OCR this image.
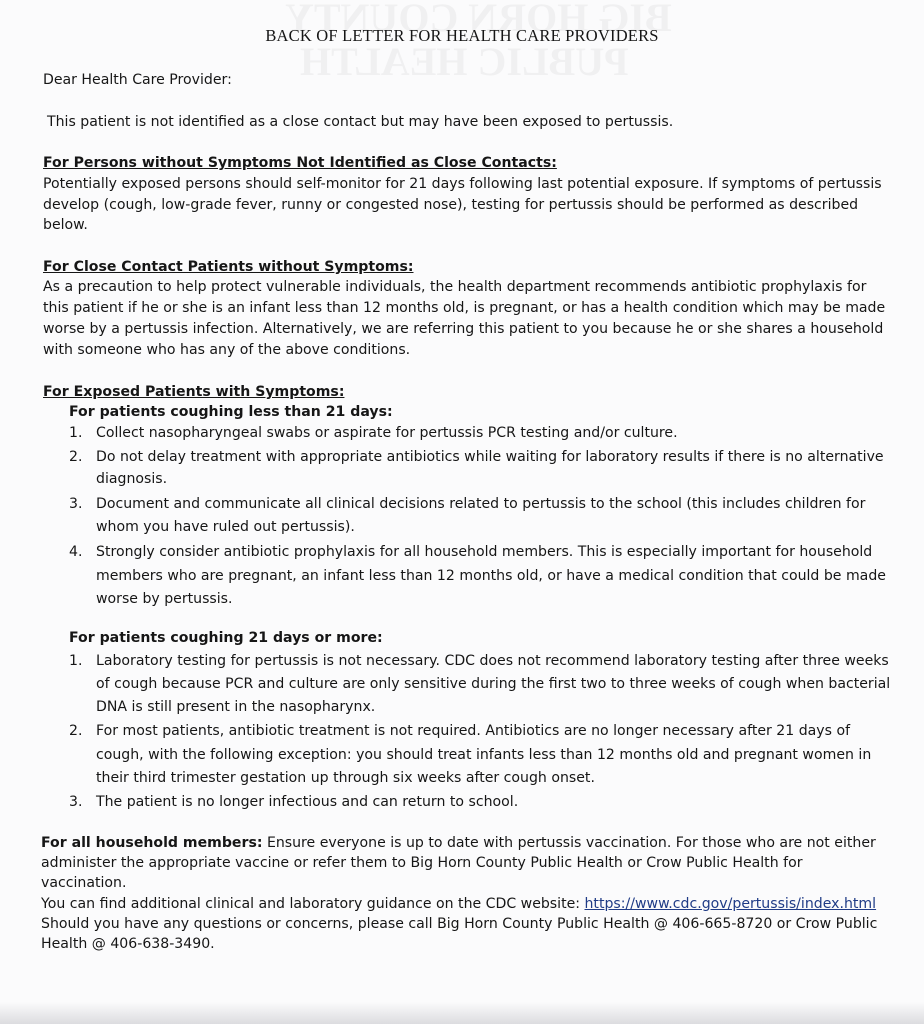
BACK OF LETTER FOR HEALTH CARE PROVIDERS
Dear Health Care Provider:
This patient is not identified as a close contact but may have been exposed to pertussis.
For Persons without Symptoms Not Identified as Close Contacts:
Potentially exposed persons should self-monitor for 21 days following last potential exposure. If symptoms of pertussis
develop (cough, low-grade fever, runny or congested nose), testing for pertussis should be performed as described
below.
For Close Contact Patients without Symptoms:
As a precaution to help protect vulnerable individuals, the health department recommends antibiotic prophylaxis for
this patient if he or she is an infant less than 12 months old, is pregnant, or has a health condition which may be made
worse by a pertussis infection. Alternatively, we are referring this patient to you because he or she shares a household
with someone who has any of the above conditions.
For Exposed Patients with Symptoms:
For patients coughing less than 21 days:
1. Collect nasopharyngeal swabs or aspirate for pertussis PCR testing and/or culture.
2. Do not delay treatment with appropriate antibiotics while waiting for laboratory results if there is no alternative
diagnosis.
3. Document and communicate all clinical decisions related to pertussis to the school (this includes children for
whom you have ruled out pertussis).
4. Strongly consider antibiotic prophylaxis for all household members. This is especially important for household
members who are pregnant, an infant less than 12 months old, or have a medical condition that could be made
worse by pertussis.
For patients coughing 21 days or more:
1. Laboratory testing for pertussis is not necessary. CDC does not recommend laboratory testing after three weeks
of cough because PCR and culture are only sensitive during the first two to three weeks of cough when bacterial
DNA is still present in the nasopharynx.
2. For most patients, antibiotic treatment is not required. Antibiotics are no longer necessary after 21 days of
cough, with the following exception: you should treat infants less than 12 months old and pregnant women in
their third trimester gestation up through six weeks after cough onset.
3. The patient is no longer infectious and can return to school.
For all household members: Ensure everyone is up to date with pertussis vaccination. For those who are not either
administer the appropriate vaccine or refer them to Big Horn County Public Health or Crow Public Health for
vaccination.
You can find additional clinical and laboratory guidance on the CDC website: https://www.cdc.gov/pertussis/index.html
Should you have any questions or concerns, please call Big Horn County Public Health @ 406-665-8720 or Crow Public
Health @ 406-638-3490.
